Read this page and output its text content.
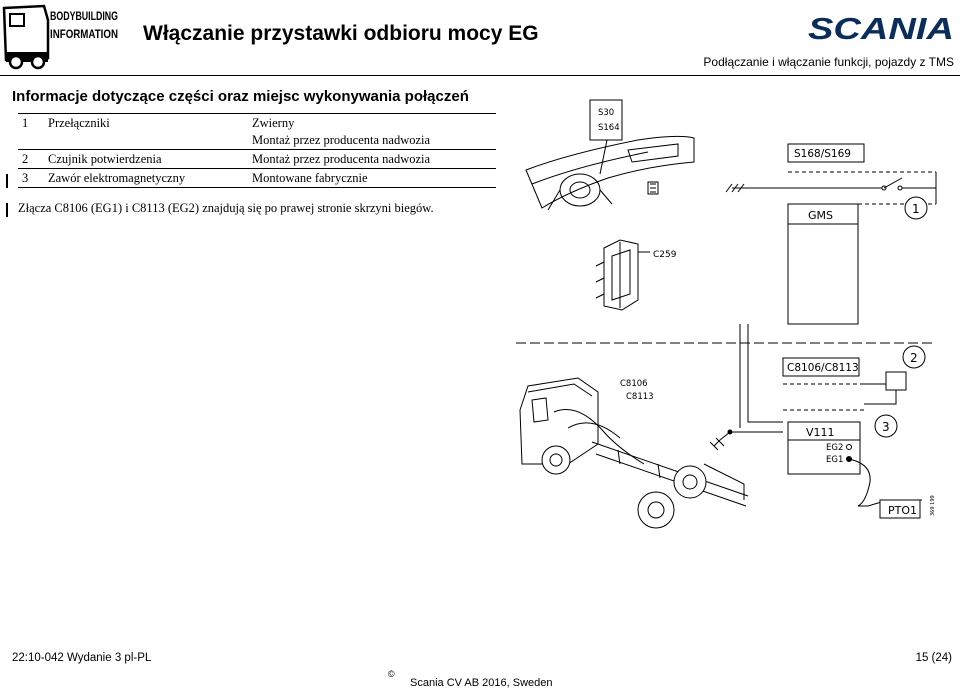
BODYBUILDING
INFORMATION Włączanie przystawki odbioru mocy EG	SCANIA
Podłączanie i włączanie funkcji, pojazdy z TMS
Informacje dotyczące części oraz miejsc wykonywania połączeń
1	Przełączniki	Zwierny
Montaż przez producenta nadwozia

2	Czujnik potwierdzenia	Montaż przez producenta nadwozia
3	Zawór elektromagnetyczny	Montowane fabrycznie
Złącza C8106 (EG1) i C8113 (EG2) znajdują się po prawej stronie skrzyni biegów.
S30
S164
S168/S169
GMS	1
C259
C8106
C8113
C8106/C8113
2
V111
EG2
EG1
3
PTO1	369 199
22:10-042 Wydanie 3 pl-PL	15 (24)
©
Scania CV AB 2016, Sweden
